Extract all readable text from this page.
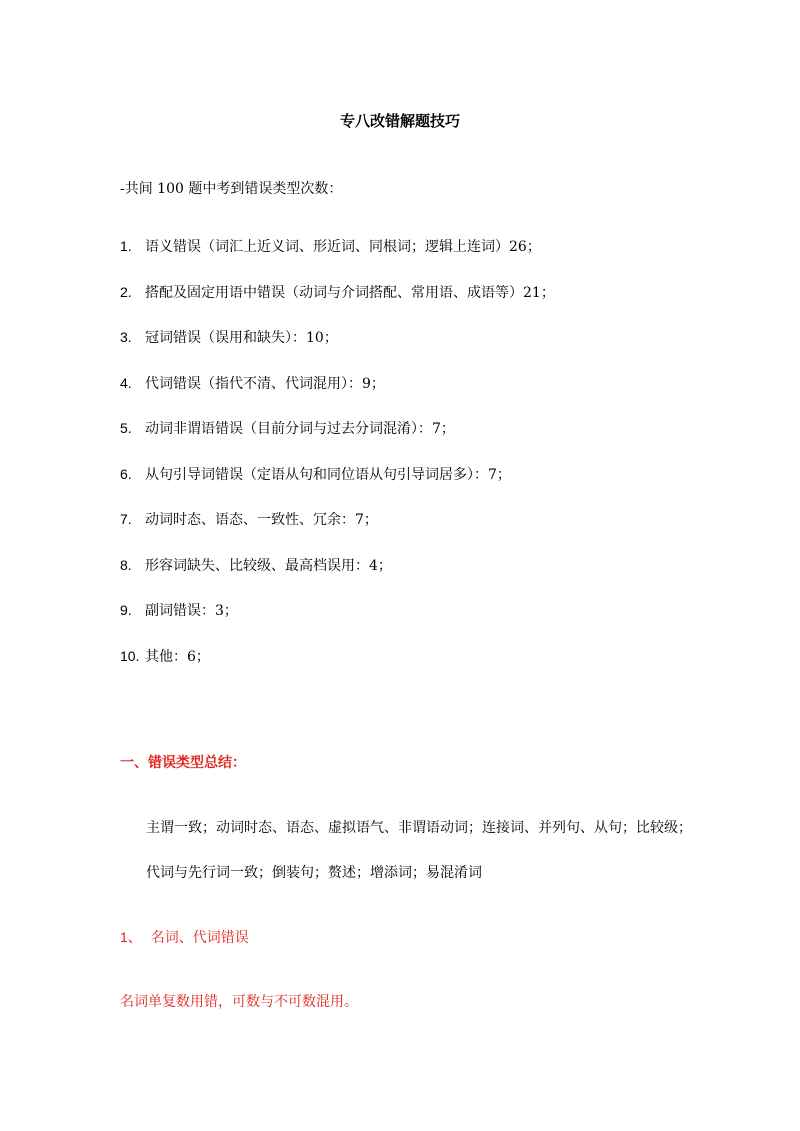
专八改错解题技巧
-共间 100 题中考到错误类型次数：
1. 语义错误（词汇上近义词、形近词、同根词；逻辑上连词）26；
2. 搭配及固定用语中错误（动词与介词搭配、常用语、成语等）21；
3. 冠词错误（误用和缺失）：10；
4. 代词错误（指代不清、代词混用）：9；
5. 动词非谓语错误（目前分词与过去分词混淆）：7；
6. 从句引导词错误（定语从句和同位语从句引导词居多）：7；
7. 动词时态、语态、一致性、冗余：7；
8. 形容词缺失、比较级、最高档误用：4；
9. 副词错误：3；
10. 其他：6；
一、错误类型总结：
主谓一致；动词时态、语态、虚拟语气、非谓语动词；连接词、并列句、从句；比较级；
代词与先行词一致；倒装句；赘述；增添词；易混淆词
1、 名词、代词错误
名词单复数用错，可数与不可数混用。
